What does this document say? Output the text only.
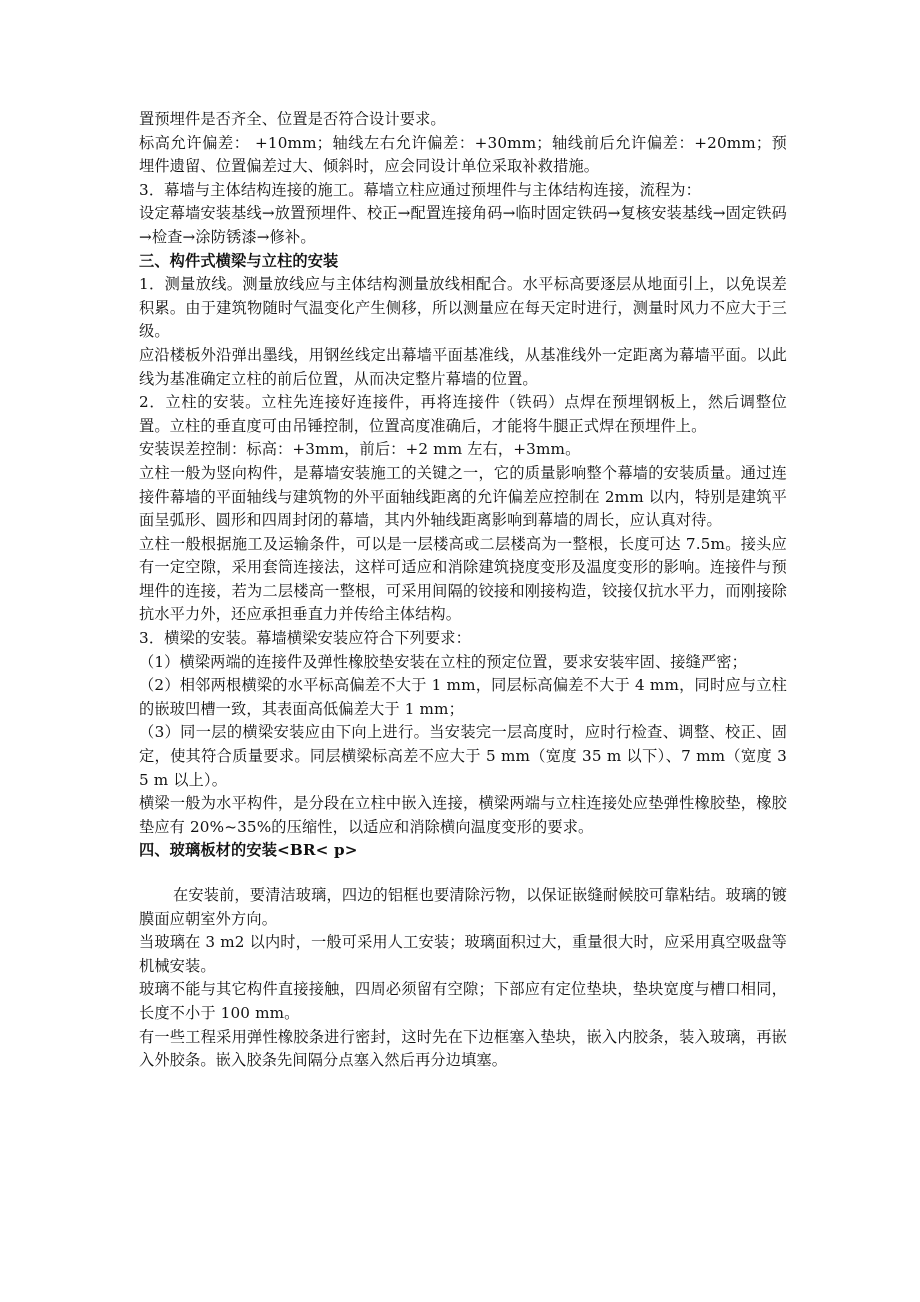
置预埋件是否齐全、位置是否符合设计要求。

标高允许偏差： +10mm；轴线左右允许偏差：+30mm；轴线前后允许偏差：+20mm；预埋件遗留、位置偏差过大、倾斜时，应会同设计单位采取补救措施。

3．幕墙与主体结构连接的施工。幕墙立柱应通过预埋件与主体结构连接，流程为：

设定幕墙安装基线→放置预埋件、校正→配置连接角码→临时固定铁码→复核安装基线→固定铁码→检查→涂防锈漆→修补。

三、构件式横梁与立柱的安装

1．测量放线。测量放线应与主体结构测量放线相配合。水平标高要逐层从地面引上，以免误差积累。由于建筑物随时气温变化产生侧移，所以测量应在每天定时进行，测量时风力不应大于三级。

应沿楼板外沿弹出墨线，用钢丝线定出幕墙平面基准线，从基准线外一定距离为幕墙平面。以此线为基准确定立柱的前后位置，从而决定整片幕墙的位置。

2．立柱的安装。立柱先连接好连接件，再将连接件（铁码）点焊在预埋钢板上，然后调整位置。立柱的垂直度可由吊锤控制，位置高度准确后，才能将牛腿正式焊在预埋件上。

安装误差控制：标高：+3mm，前后：+2 mm 左右，+3mm。

立柱一般为竖向构件，是幕墙安装施工的关键之一，它的质量影响整个幕墙的安装质量。通过连接件幕墙的平面轴线与建筑物的外平面轴线距离的允许偏差应控制在 2mm 以内，特别是建筑平面呈弧形、圆形和四周封闭的幕墙，其内外轴线距离影响到幕墙的周长，应认真对待。

立柱一般根据施工及运输条件，可以是一层楼高或二层楼高为一整根，长度可达 7.5m。接头应有一定空隙，采用套筒连接法，这样可适应和消除建筑挠度变形及温度变形的影响。连接件与预埋件的连接，若为二层楼高一整根，可采用间隔的铰接和刚接构造，铰接仅抗水平力，而刚接除抗水平力外，还应承担垂直力并传给主体结构。

3．横梁的安装。幕墙横梁安装应符合下列要求：

（1）横梁两端的连接件及弹性橡胶垫安装在立柱的预定位置，要求安装牢固、接缝严密；

（2）相邻两根横梁的水平标高偏差不大于 1 mm，同层标高偏差不大于 4 mm，同时应与立柱的嵌玻凹槽一致，其表面高低偏差大于 1 mm；

（3）同一层的横梁安装应由下向上进行。当安装完一层高度时，应时行检查、调整、校正、固定，使其符合质量要求。同层横梁标高差不应大于 5 mm（宽度 35 m 以下）、7 mm（宽度 35 m 以上）。

横梁一般为水平构件，是分段在立柱中嵌入连接，横梁两端与立柱连接处应垫弹性橡胶垫，橡胶垫应有 20%~35%的压缩性，以适应和消除横向温度变形的要求。

四、玻璃板材的安装<BR< p>

在安装前，要清洁玻璃，四边的铝框也要清除污物，以保证嵌缝耐候胶可靠粘结。玻璃的镀膜面应朝室外方向。

当玻璃在 3 m2 以内时，一般可采用人工安装；玻璃面积过大，重量很大时，应采用真空吸盘等机械安装。

玻璃不能与其它构件直接接触，四周必须留有空隙；下部应有定位垫块，垫块宽度与槽口相同，长度不小于 100 mm。

有一些工程采用弹性橡胶条进行密封，这时先在下边框塞入垫块，嵌入内胶条，装入玻璃，再嵌入外胶条。嵌入胶条先间隔分点塞入然后再分边填塞。
